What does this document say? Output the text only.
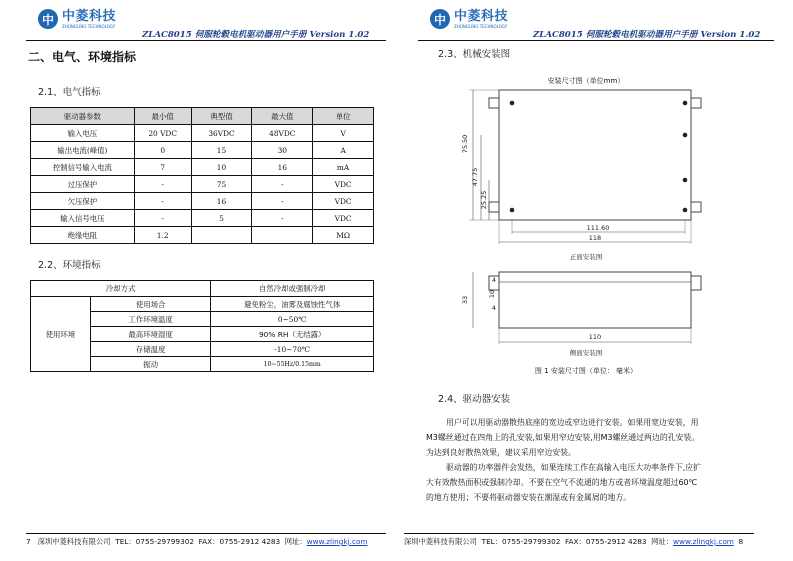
中 中菱科技
ZHONGLING TECHNOLOGY
ZLAC8015 伺服轮毂电机驱动器用户手册 Version 1.02
中 中菱科技
ZHONGLING TECHNOLOGY
ZLAC8015 伺服轮毂电机驱动器用户手册 Version 1.02
二、电气、环境指标
2.1、电气指标
驱动器参数	最小值	典型值	最大值	单位
输入电压	20 VDC	36VDC	48VDC	V
输出电流(峰值)	0	15	30	A
控制信号输入电流	7	10	16	mA
过压保护	-	75	-	VDC
欠压保护	-	16	-	VDC
输入信号电压	-	5	-	VDC
绝缘电阻	1.2			MΩ
2.2、环境指标
冷却方式		自然冷却或强制冷却
使用环境	使用场合	避免粉尘，油雾及腐蚀性气体
	工作环境温度	0~50℃
	最高环境湿度	90% RH（无结露）
	存储温度	-10~70℃
	振动	10~55Hz/0.15mm
2.3、机械安装图
安装尺寸图（单位mm）
75.50
47.75
25.25
111.60
118
正面安装图
33
4
10
4
110
侧面安装图
图 1 安装尺寸图（单位： 毫米）
2.4、驱动器安装
用户可以用驱动器散热底座的宽边或窄边进行安装。如果用宽边安装，用
M3螺丝通过在四角上的孔安装,如果用窄边安装,用M3螺丝通过两边的孔安装。
为达到良好散热效果，建议采用窄边安装。
驱动器的功率器件会发热，如果连续工作在高输入电压大功率条件下,应扩
大有效散热面积或强制冷却。不要在空气不流通的地方或者环境温度超过60℃
的地方使用；不要将驱动器安装在潮湿或有金属屑的地方。
7 深圳中菱科技有限公司 TEL：0755-29799302 FAX：0755-2912 4283 网址：www.zlingkj.com	深圳中菱科技有限公司 TEL：0755-29799302 FAX：0755-2912 4283 网址：www.zlingkj.com 8
